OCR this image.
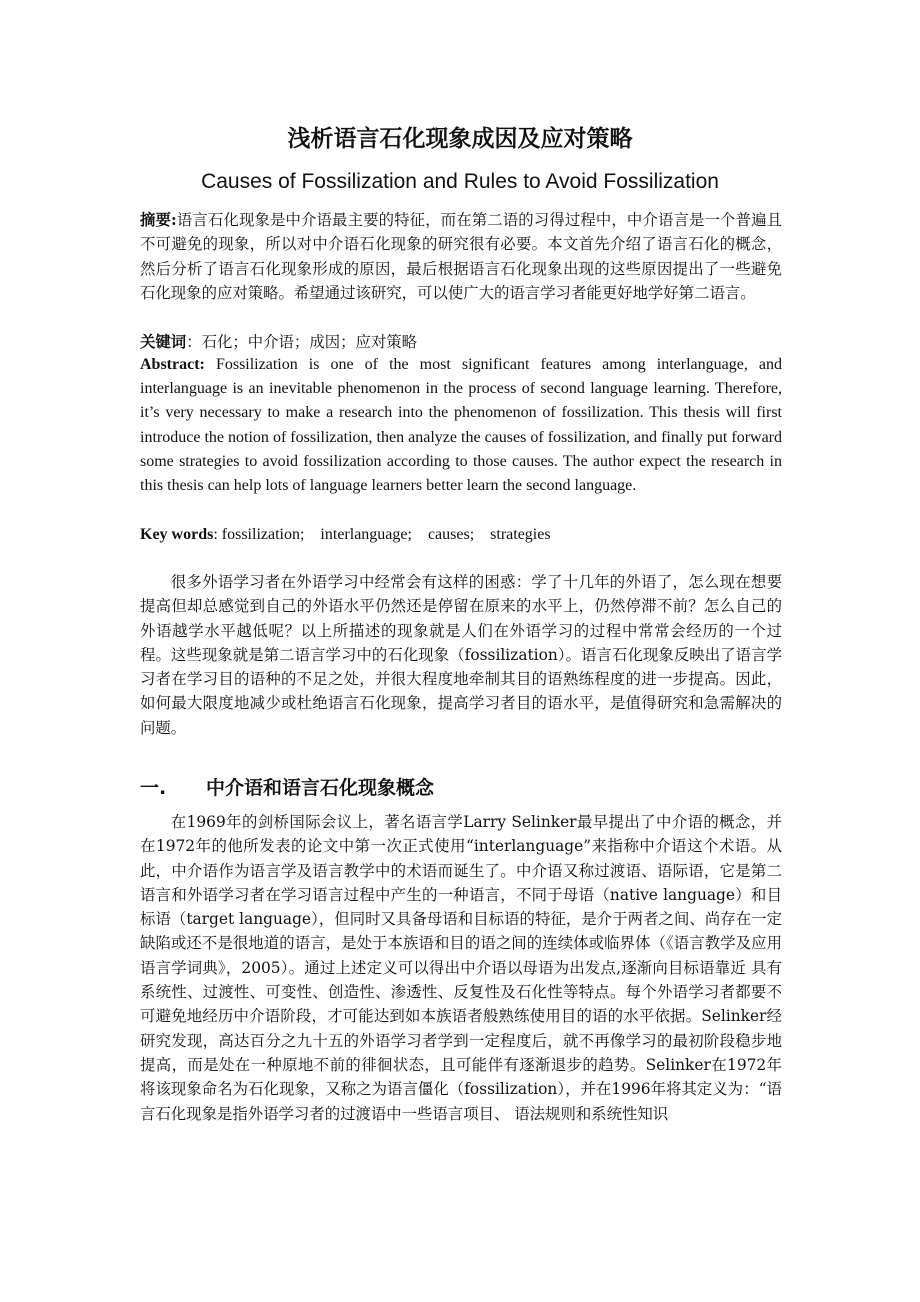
浅析语言石化现象成因及应对策略
Causes of Fossilization and Rules to Avoid Fossilization

摘要:语言石化现象是中介语最主要的特征，而在第二语的习得过程中，中介语言是一个普遍且不可避免的现象，所以对中介语石化现象的研究很有必要。本文首先介绍了语言石化的概念，然后分析了语言石化现象形成的原因，最后根据语言石化现象出现的这些原因提出了一些避免石化现象的应对策略。希望通过该研究，可以使广大的语言学习者能更好地学好第二语言。

关键词：石化；中介语；成因；应对策略

Abstract: Fossilization is one of the most significant features among interlanguage, and interlanguage is an inevitable phenomenon in the process of second language learning. Therefore, it’s very necessary to make a research into the phenomenon of fossilization. This thesis will first introduce the notion of fossilization, then analyze the causes of fossilization, and finally put forward some strategies to avoid fossilization according to those causes. The author expect the research in this thesis can help lots of language learners better learn the second language.

Key words: fossilization;　interlanguage;　causes;　strategies

很多外语学习者在外语学习中经常会有这样的困惑：学了十几年的外语了，怎么现在想要提高但却总感觉到自己的外语水平仍然还是停留在原来的水平上，仍然停滞不前？怎么自己的外语越学水平越低呢？以上所描述的现象就是人们在外语学习的过程中常常会经历的一个过程。这些现象就是第二语言学习中的石化现象（fossilization）。语言石化现象反映出了语言学习者在学习目的语种的不足之处，并很大程度地牵制其目的语熟练程度的进一步提高。因此，如何最大限度地减少或杜绝语言石化现象，提高学习者目的语水平，是值得研究和急需解决的问题。

一. 中介语和语言石化现象概念

在1969年的剑桥国际会议上，著名语言学Larry Selinker最早提出了中介语的概念，并在1972年的他所发表的论文中第一次正式使用“interlanguage”来指称中介语这个术语。从此，中介语作为语言学及语言教学中的术语而诞生了。中介语又称过渡语、语际语，它是第二语言和外语学习者在学习语言过程中产生的一种语言，不同于母语（native language）和目标语（target language），但同时又具备母语和目标语的特征，是介于两者之间、尚存在一定缺陷或还不是很地道的语言，是处于本族语和目的语之间的连续体或临界体（《语言教学及应用语言学词典》，2005）。通过上述定义可以得出中介语以母语为出发点,逐渐向目标语靠近 具有系统性、过渡性、可变性、创造性、渗透性、反复性及石化性等特点。每个外语学习者都要不可避免地经历中介语阶段，才可能达到如本族语者般熟练使用目的语的水平依据。Selinker经研究发现，高达百分之九十五的外语学习者学到一定程度后，就不再像学习的最初阶段稳步地提高，而是处在一种原地不前的徘徊状态，且可能伴有逐渐退步的趋势。Selinker在1972年将该现象命名为石化现象，又称之为语言僵化（fossilization），并在1996年将其定义为：“语言石化现象是指外语学习者的过渡语中一些语言项目、 语法规则和系统性知识
